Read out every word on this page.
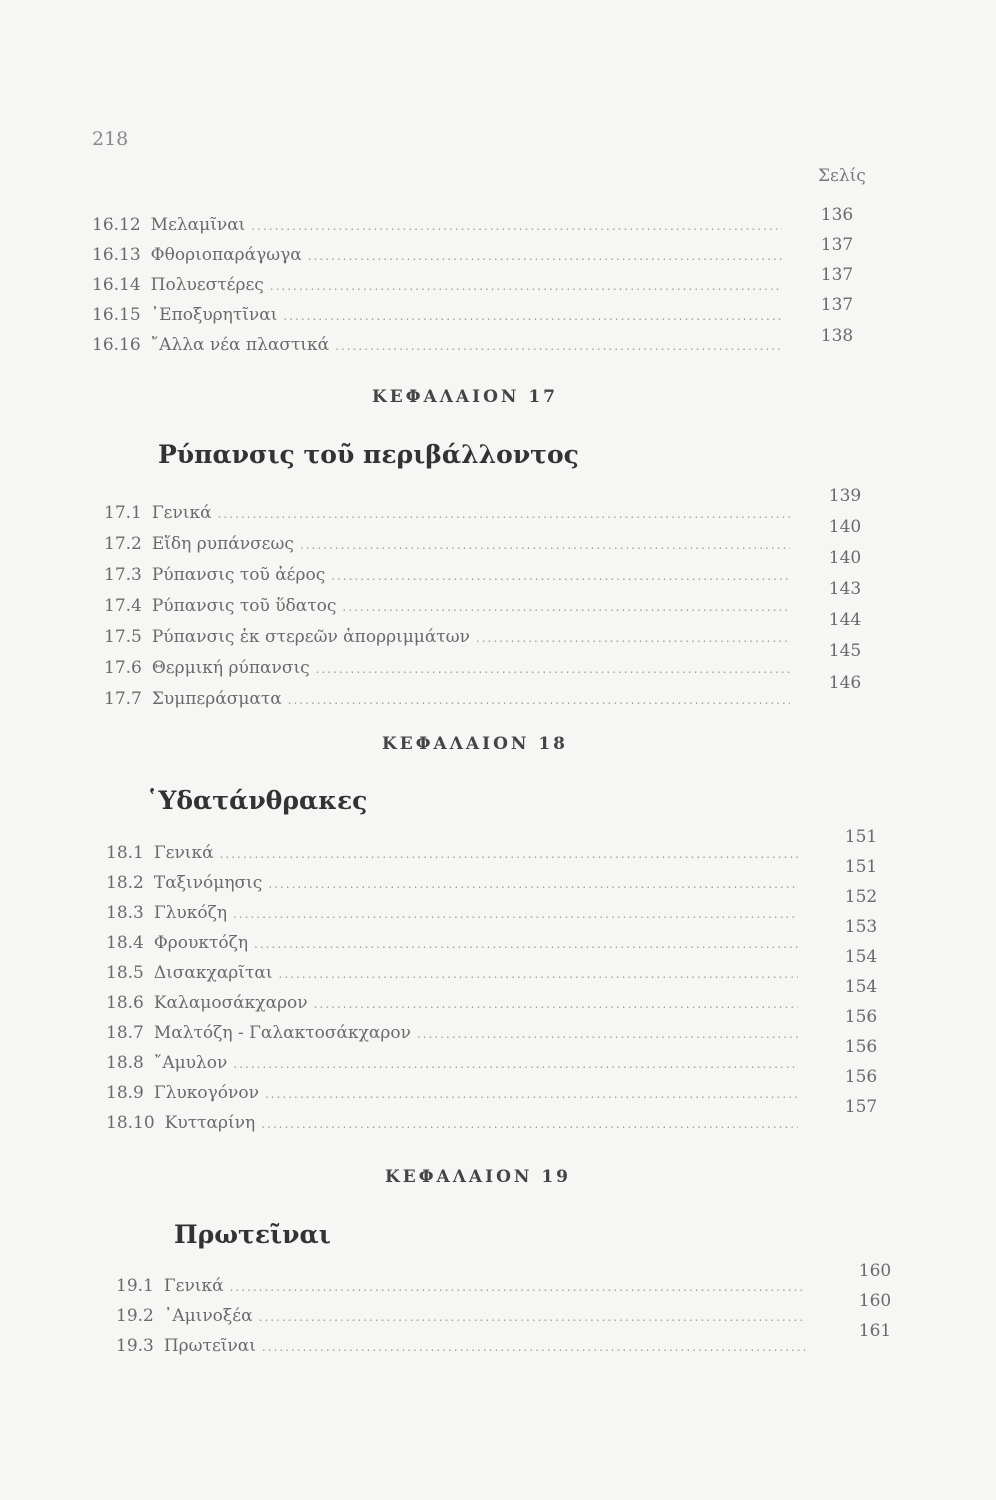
218
Σελίς
16.12 Μελαμῖναι
.....
16.13 Φθοριοπαράγωγα
.....
16.14 Πολυεστέρες
.....
16.15 ᾿Εποξυρητῖναι
.....
16.16 ῎Αλλα νέα πλαστικά
.....
136
137
137
137
138
ΚΕΦΑΛΑΙΟΝ 17
Ρύπανσις τοῦ περιβάλλοντος
17.1 Γενικά
.....
17.2 Εἴδη ρυπάνσεως
.....
17.3 Ρύπανσις τοῦ ἀέρος
.....
17.4 Ρύπανσις τοῦ ὕδατος
.....
17.5 Ρύπανσις ἐκ στερεῶν ἀπορριμμάτων
.....
17.6 Θερμική ρύπανσις
.....
17.7 Συμπεράσματα
.....
139
140
140
143
144
145
146
ΚΕΦΑΛΑΙΟΝ 18
῾Υδατάνθρακες
18.1 Γενικά
.....
18.2 Ταξινόμησις
.....
18.3 Γλυκόζη
.....
18.4 Φρουκτόζη
.....
18.5 Δισακχαρῖται
.....
18.6 Καλαμοσάκχαρον
.....
18.7 Μαλτόζη - Γαλακτοσάκχαρον
.....
18.8 ῎Αμυλον
.....
18.9 Γλυκογόνον
.....
18.10 Κυτταρίνη
.....
151
151
152
153
154
154
156
156
156
157
ΚΕΦΑΛΑΙΟΝ 19
Πρωτεῖναι
19.1 Γενικά
.....
19.2 ᾿Αμινοξέα
.....
19.3 Πρωτεῖναι
.....
160
160
161
